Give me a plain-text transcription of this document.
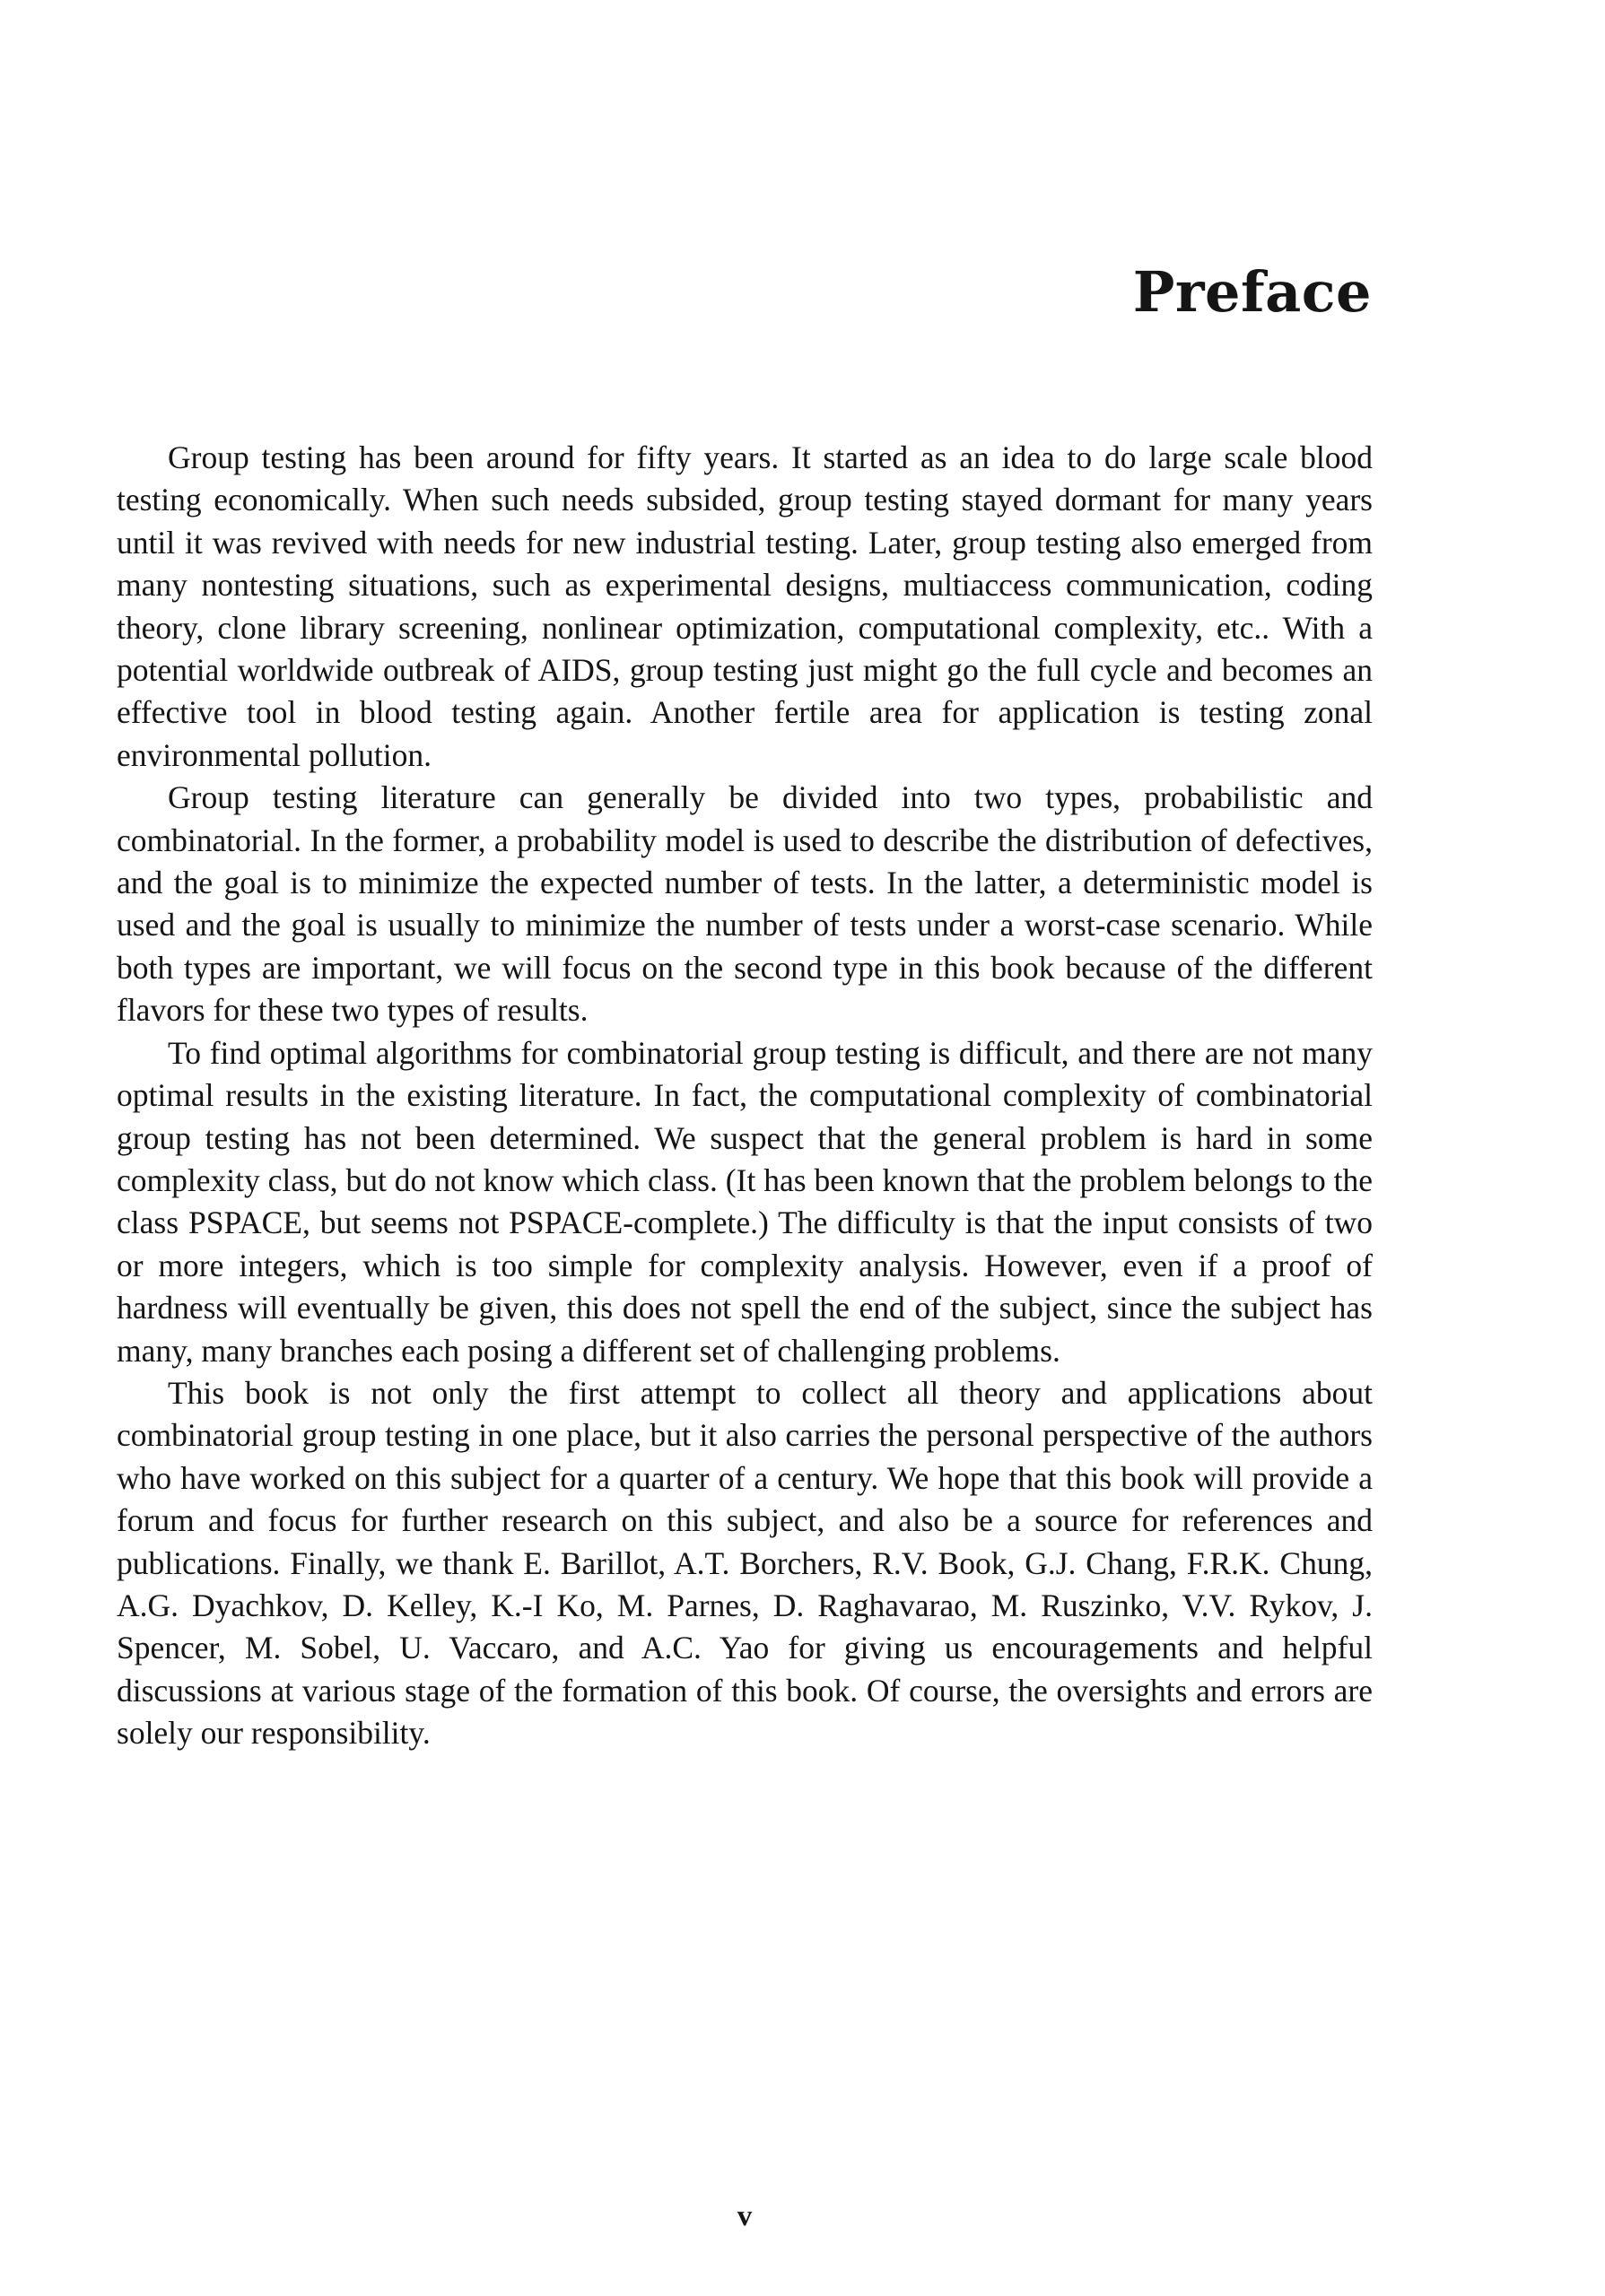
Preface

Group testing has been around for fifty years. It started as an idea to do large scale blood testing economically. When such needs subsided, group testing stayed dormant for many years until it was revived with needs for new industrial testing. Later, group testing also emerged from many nontesting situations, such as experimental designs, multiaccess communication, coding theory, clone library screening, nonlinear optimization, computational complexity, etc.. With a potential worldwide outbreak of AIDS, group testing just might go the full cycle and becomes an effective tool in blood testing again. Another fertile area for application is testing zonal environmental pollution.

Group testing literature can generally be divided into two types, probabilistic and combinatorial. In the former, a probability model is used to describe the distribution of defectives, and the goal is to minimize the expected number of tests. In the latter, a deterministic model is used and the goal is usually to minimize the number of tests under a worst-case scenario. While both types are important, we will focus on the second type in this book because of the different flavors for these two types of results.

To find optimal algorithms for combinatorial group testing is difficult, and there are not many optimal results in the existing literature. In fact, the computational complexity of combinatorial group testing has not been determined. We suspect that the general problem is hard in some complexity class, but do not know which class. (It has been known that the problem belongs to the class PSPACE, but seems not PSPACE-complete.) The difficulty is that the input consists of two or more integers, which is too simple for complexity analysis. However, even if a proof of hardness will eventually be given, this does not spell the end of the subject, since the subject has many, many branches each posing a different set of challenging problems.

This book is not only the first attempt to collect all theory and applications about combinatorial group testing in one place, but it also carries the personal perspective of the authors who have worked on this subject for a quarter of a century. We hope that this book will provide a forum and focus for further research on this subject, and also be a source for references and publications. Finally, we thank E. Barillot, A.T. Borchers, R.V. Book, G.J. Chang, F.R.K. Chung, A.G. Dyachkov, D. Kelley, K.-I Ko, M. Parnes, D. Raghavarao, M. Ruszinko, V.V. Rykov, J. Spencer, M. Sobel, U. Vaccaro, and A.C. Yao for giving us encouragements and helpful discussions at various stage of the formation of this book. Of course, the oversights and errors are solely our responsibility.

v
